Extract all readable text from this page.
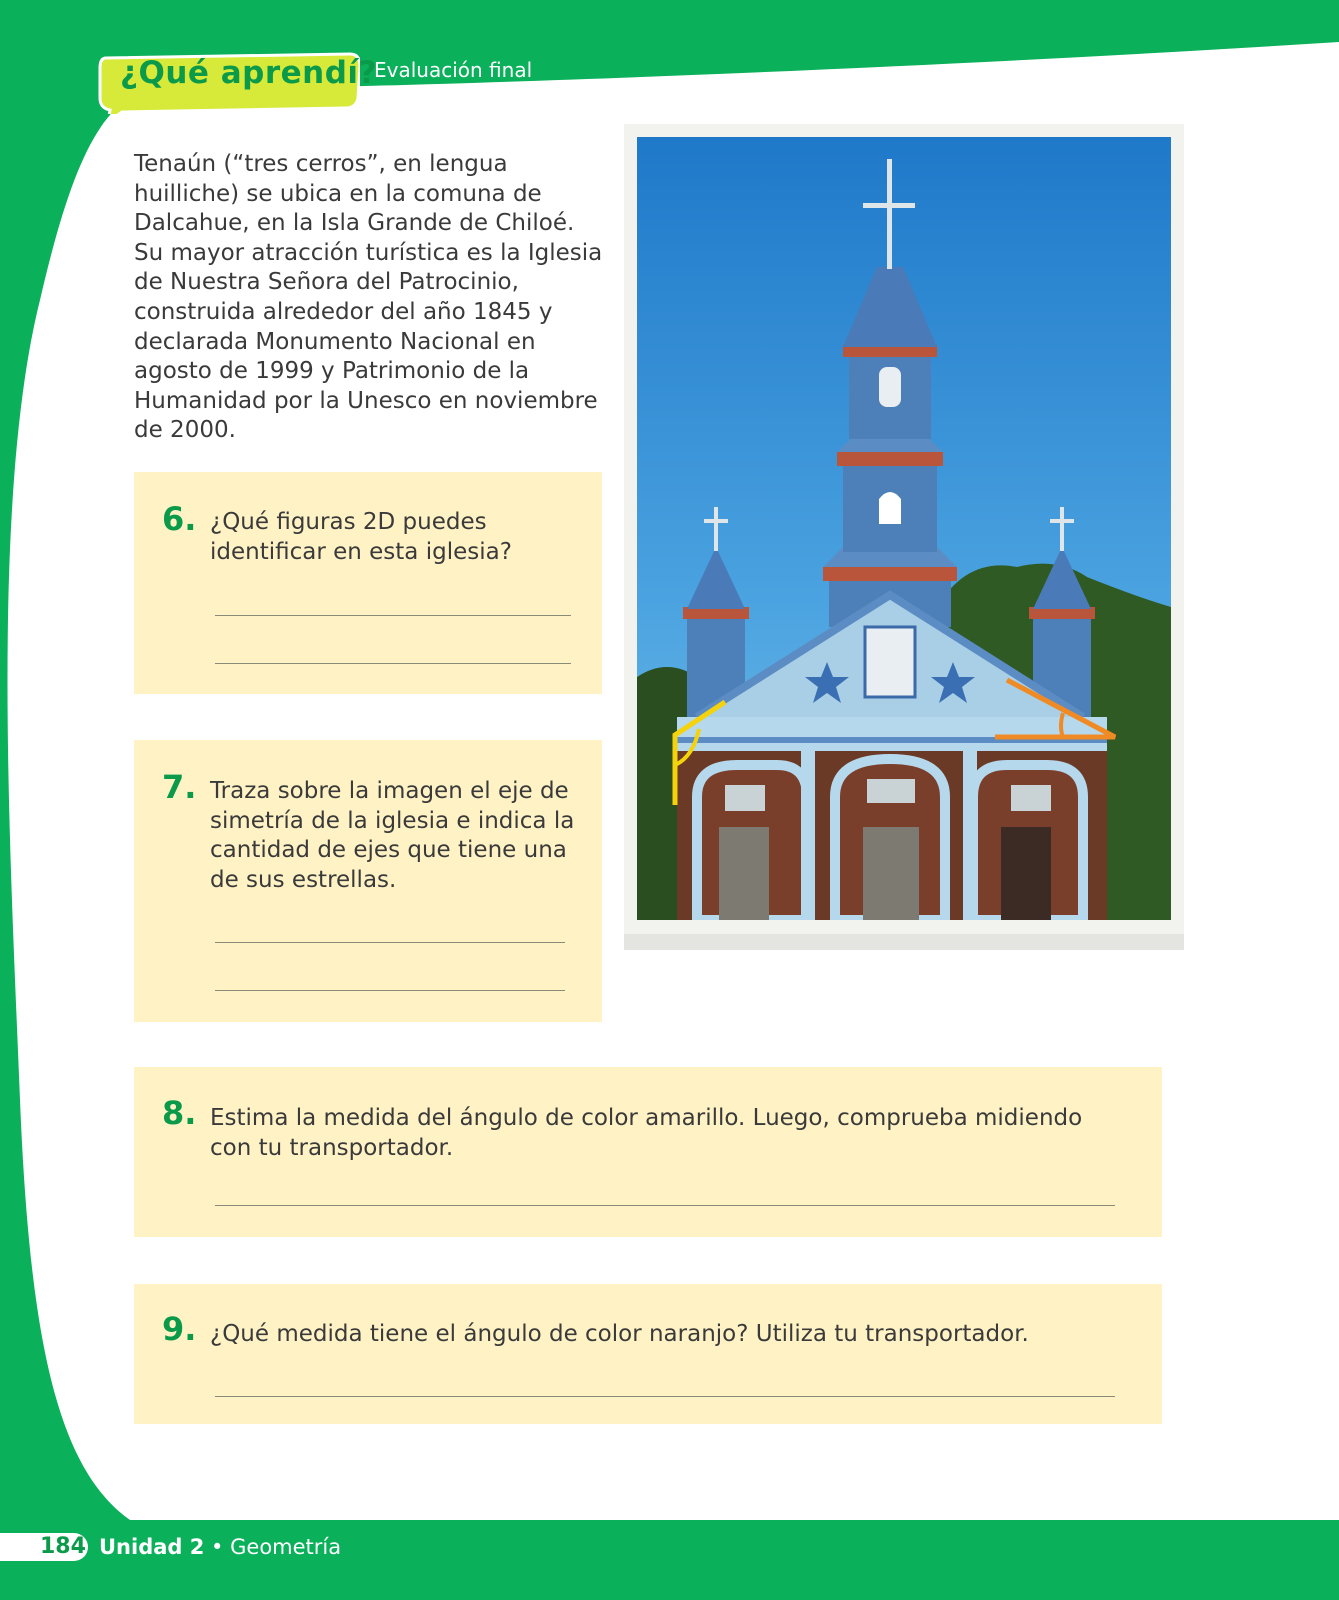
¿Qué aprendí?
Evaluación final

Tenaún (“tres cerros”, en lengua huilliche) se ubica en la comuna de Dalcahue, en la Isla Grande de Chiloé. Su mayor atracción turística es la Iglesia de Nuestra Señora del Patrocinio, construida alrededor del año 1845 y declarada Monumento Nacional en agosto de 1999 y Patrimonio de la Humanidad por la Unesco en noviembre de 2000.

6. ¿Qué figuras 2D puedes identificar en esta iglesia?

7. Traza sobre la imagen el eje de simetría de la iglesia e indica la cantidad de ejes que tiene una de sus estrellas.

8. Estima la medida del ángulo de color amarillo. Luego, comprueba midiendo con tu transportador.

9. ¿Qué medida tiene el ángulo de color naranjo? Utiliza tu transportador.

184 Unidad 2 • Geometría
